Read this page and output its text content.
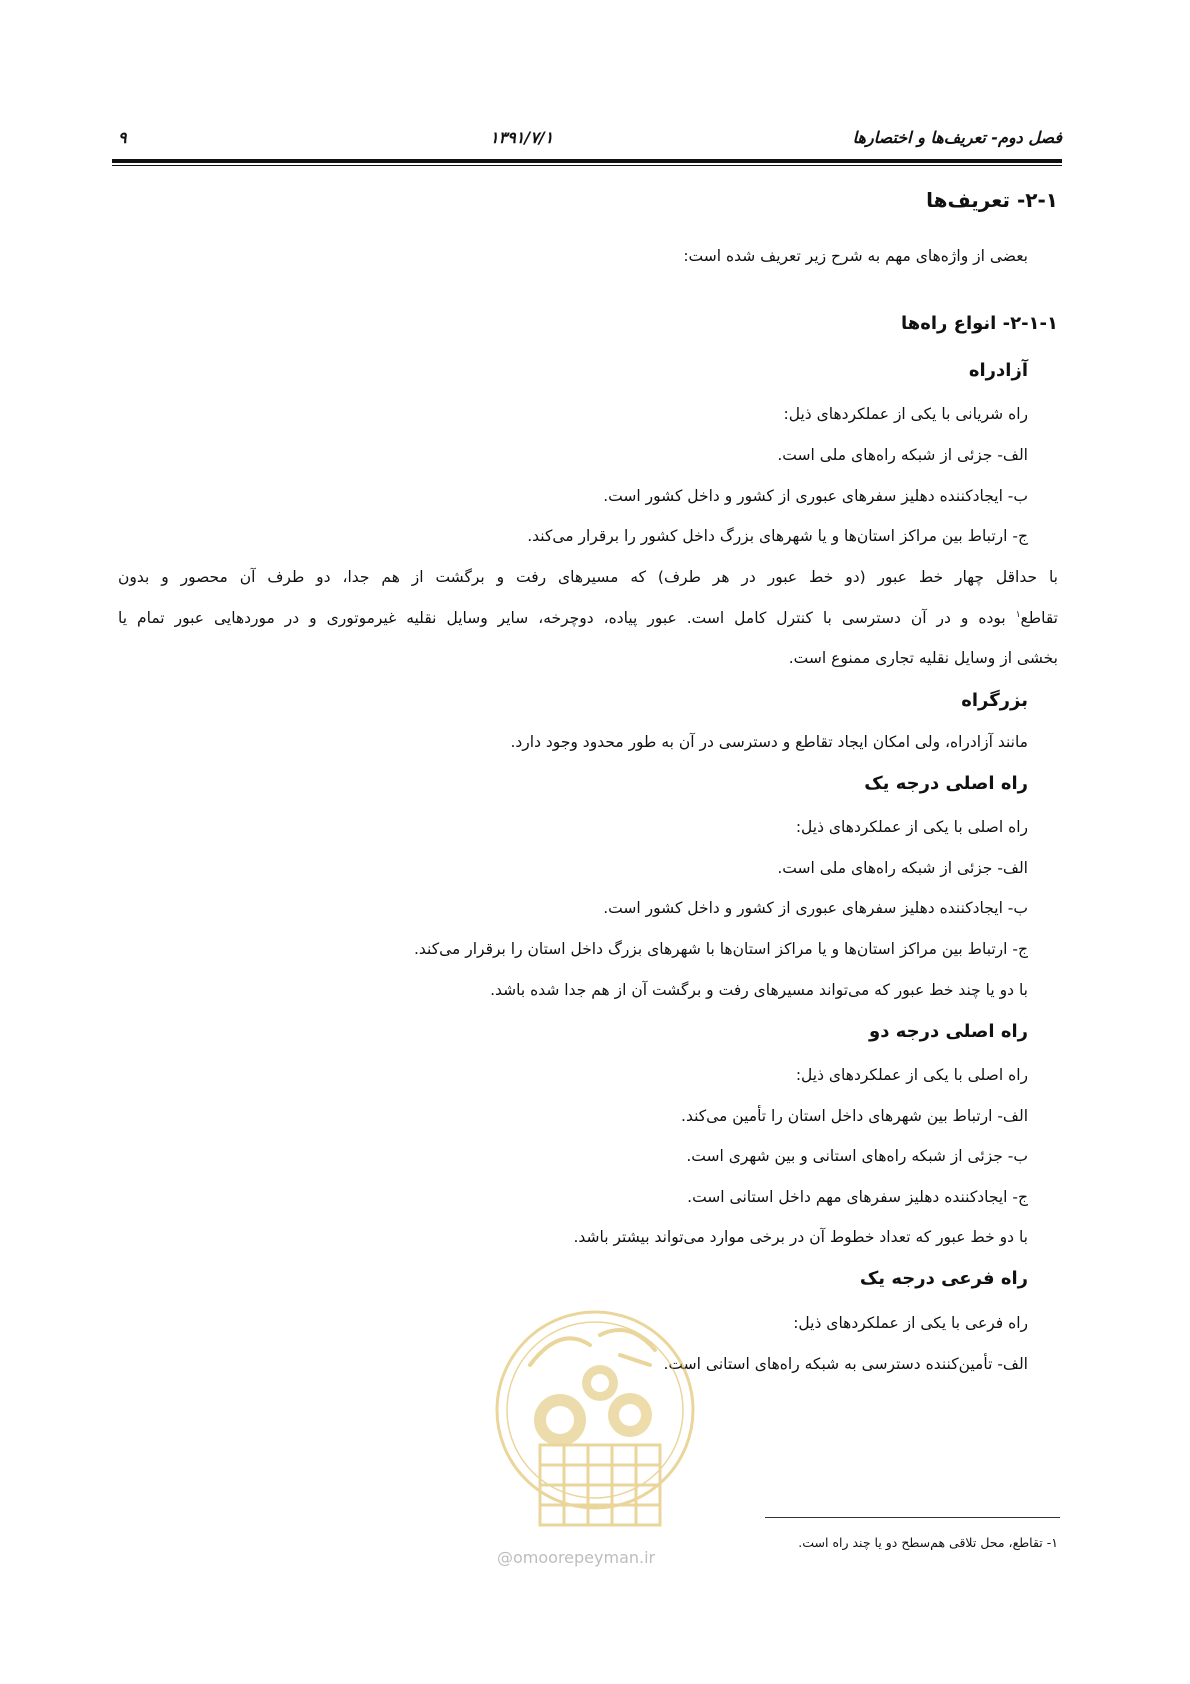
فصل دوم- تعریف‌ها و اختصارها
۱۳۹۱/۷/۱
۹
۲-۱- تعریف‌ها
بعضی از واژه‌های مهم به شرح زیر تعریف شده است:
۲-۱-۱- انواع راه‌ها
آزادراه
راه شریانی با یکی از عملکردهای ذیل:
الف- جزئی از شبکه راه‌های ملی است.
ب- ایجادکننده دهلیز سفرهای عبوری از کشور و داخل کشور است.
ج- ارتباط بین مراکز استان‌ها و یا شهرهای بزرگ داخل کشور را برقرار می‌کند.
با حداقل چهار خط عبور (دو خط عبور در هر طرف) که مسیرهای رفت و برگشت از هم جدا، دو طرف آن محصور و بدون
تقاطع$^۱$ بوده و در آن دسترسی با کنترل کامل است. عبور پیاده، دوچرخه، سایر وسایل نقلیه غیرموتوری و در موردهایی عبور تمام یا
بخشی از وسایل نقلیه تجاری ممنوع است.
بزرگراه
مانند آزادراه، ولی امکان ایجاد تقاطع و دسترسی در آن به طور محدود وجود دارد.
راه اصلی درجه یک
راه اصلی با یکی از عملکردهای ذیل:
الف- جزئی از شبکه راه‌های ملی است.
ب- ایجادکننده دهلیز سفرهای عبوری از کشور و داخل کشور است.
ج- ارتباط بین مراکز استان‌ها و یا مراکز استان‌ها با شهرهای بزرگ داخل استان را برقرار می‌کند.
با دو یا چند خط عبور که می‌تواند مسیرهای رفت و برگشت آن از هم جدا شده باشد.
راه اصلی درجه دو
راه اصلی با یکی از عملکردهای ذیل:
الف- ارتباط بین شهرهای داخل استان را تأمین می‌کند.
ب- جزئی از شبکه راه‌های استانی و بین شهری است.
ج- ایجادکننده دهلیز سفرهای مهم داخل استانی است.
با دو خط عبور که تعداد خطوط آن در برخی موارد می‌تواند بیشتر باشد.
راه فرعی درجه یک
راه فرعی با یکی از عملکردهای ذیل:
الف- تأمین‌کننده دسترسی به شبکه راه‌های استانی است.
@omoorepeyman.ir
۱- تقاطع، محل تلاقی هم‌سطح دو یا چند راه است.
